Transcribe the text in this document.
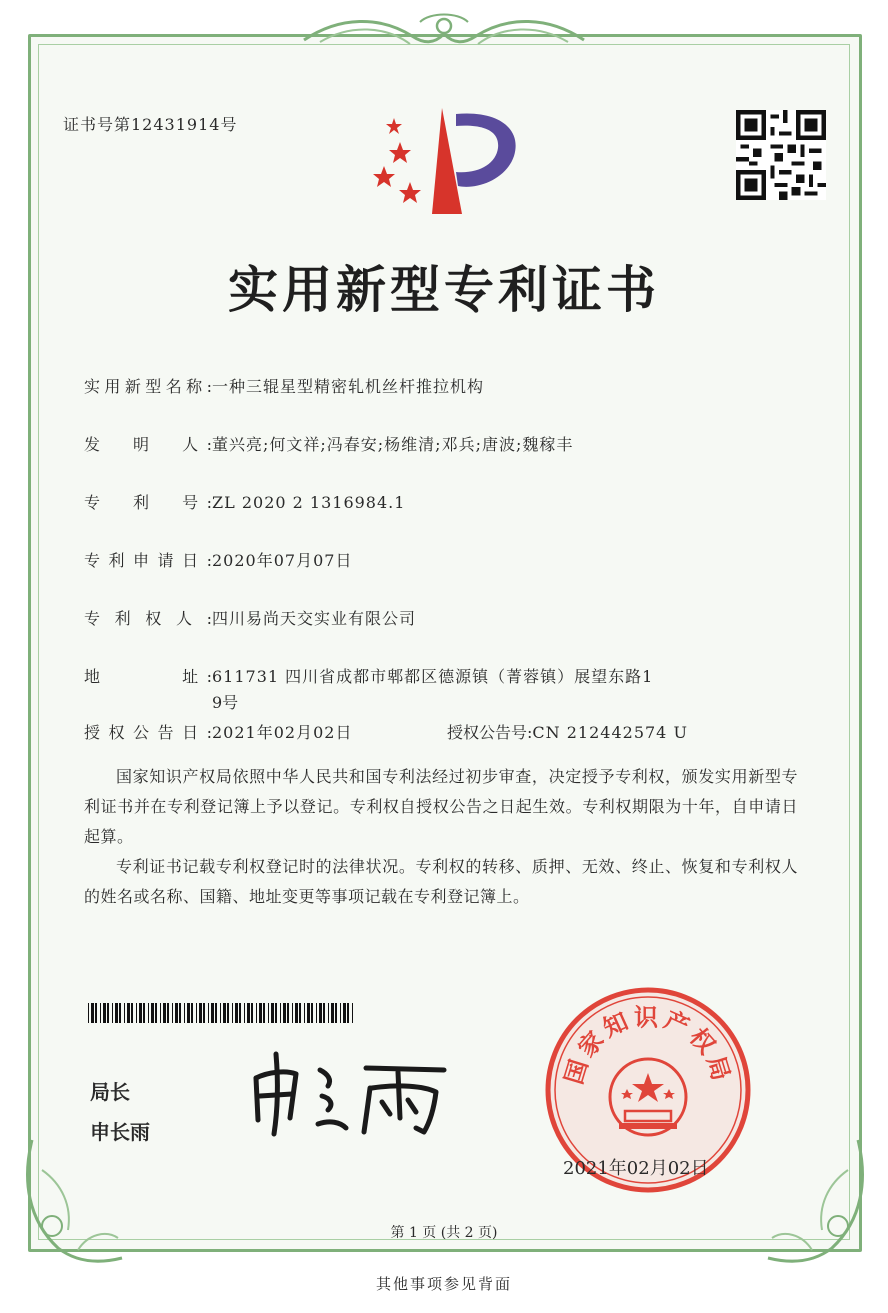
证书号第12431914号
实用新型专利证书
实用新型名称:一种三辊星型精密轧机丝杆推拉机构
发　明　人:董兴亮;何文祥;冯春安;杨维清;邓兵;唐波;魏稼丰
专　利　号:ZL 2020 2 1316984.1
专利申请日:2020年07月07日
专利权人:四川易尚天交实业有限公司
地　　　址:611731 四川省成都市郫都区德源镇（菁蓉镇）展望东路1
9号
授权公告日:2021年02月02日	授权公告号:CN 212442574 U
国家知识产权局依照中华人民共和国专利法经过初步审查，决定授予专利权，颁发实用新型专利证书并在专利登记簿上予以登记。专利权自授权公告之日起生效。专利权期限为十年，自申请日起算。
专利证书记载专利权登记时的法律状况。专利权的转移、质押、无效、终止、恢复和专利权人的姓名或名称、国籍、地址变更等事项记载在专利登记簿上。
局长
申长雨
国家知识产权局
2021年02月02日
第 1 页 (共 2 页)
其他事项参见背面
